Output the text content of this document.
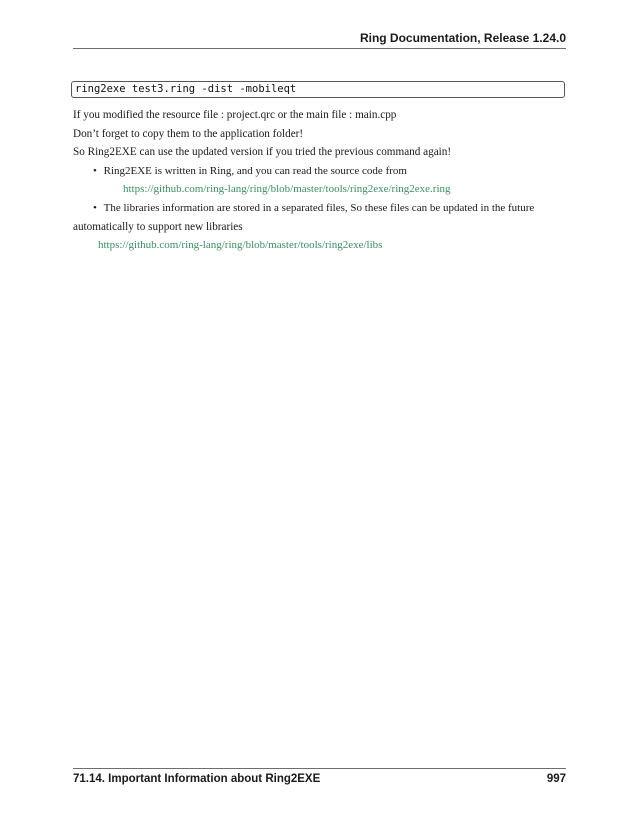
Ring Documentation, Release 1.24.0
ring2exe test3.ring -dist -mobileqt
If you modified the resource file : project.qrc or the main file : main.cpp
Don’t forget to copy them to the application folder!
So Ring2EXE can use the updated version if you tried the previous command again!
• Ring2EXE is written in Ring, and you can read the source code from
https://github.com/ring-lang/ring/blob/master/tools/ring2exe/ring2exe.ring
• The libraries information are stored in a separated files, So these files can be updated in the future
automatically to support new libraries
https://github.com/ring-lang/ring/blob/master/tools/ring2exe/libs
71.14. Important Information about Ring2EXE	997
